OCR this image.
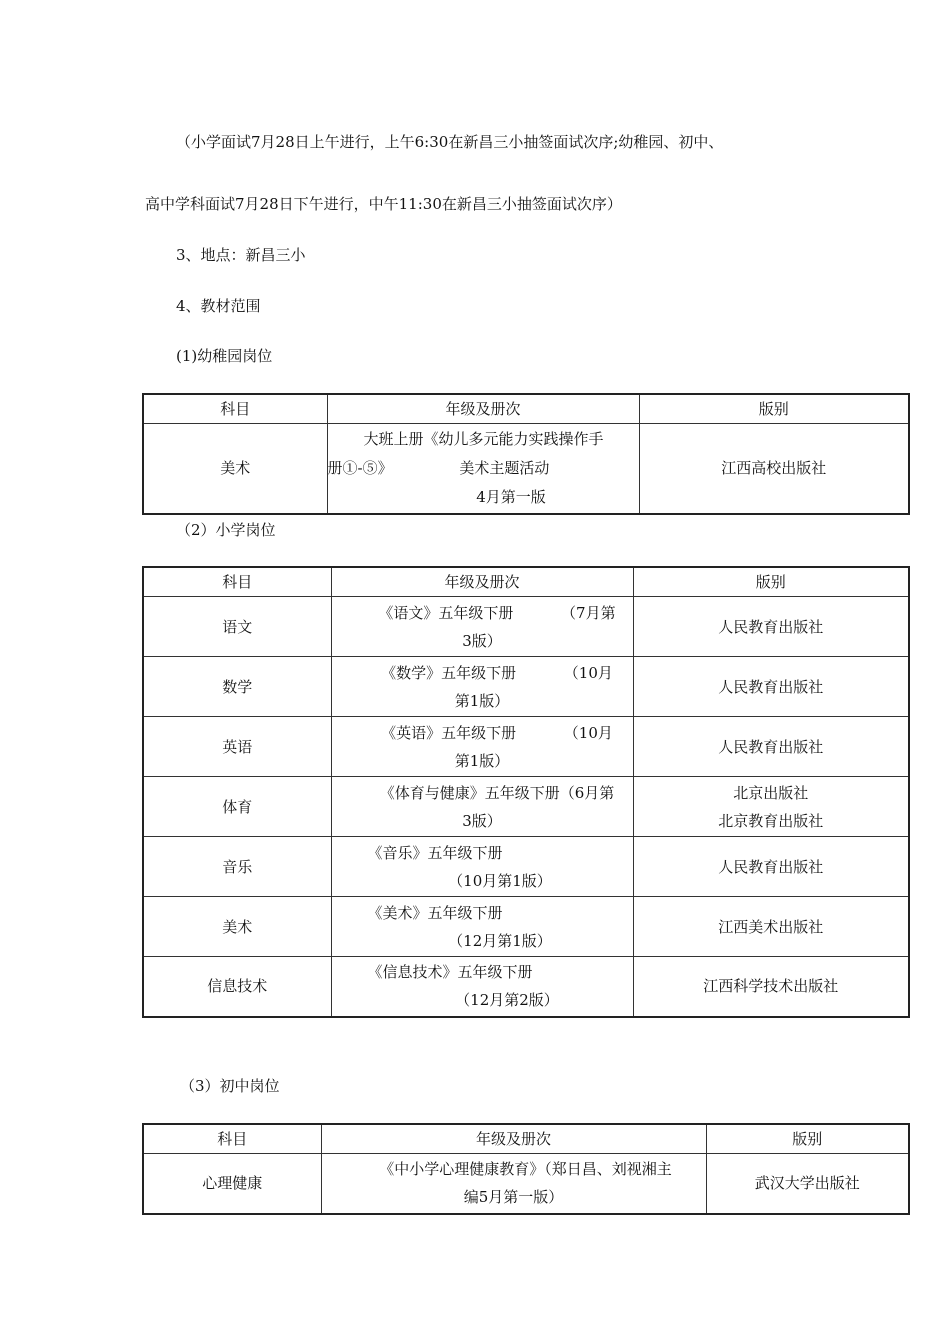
（小学面试7月28日上午进行，上午6:30在新昌三小抽签面试次序;幼稚园、初中、
高中学科面试7月28日下午进行，中午11:30在新昌三小抽签面试次序）
3、地点：新昌三小
4、教材范围
(1)幼稚园岗位
科目	年级及册次	版别
美术	大班上册《幼儿多元能力实践操作手
册①-⑤》              美术主题活动
4月第一版	江西高校出版社
（2）小学岗位
科目	年级及册次	版别
语文	《语文》五年级下册          （7月第
3版）	人民教育出版社

数学	《数学》五年级下册          （10月
第1版）	人民教育出版社

英语	《英语》五年级下册          （10月
第1版）	人民教育出版社

体育	《体育与健康》五年级下册（6月第
3版）	北京出版社
北京教育出版社

音乐	《音乐》五年级下册
（10月第1版）	人民教育出版社

美术	《美术》五年级下册
（12月第1版）	江西美术出版社

信息技术	《信息技术》五年级下册
（12月第2版）	江西科学技术出版社
（3）初中岗位
科目	年级及册次	版别
心理健康	《中小学心理健康教育》（郑日昌、刘视湘主
编5月第一版）	武汉大学出版社
